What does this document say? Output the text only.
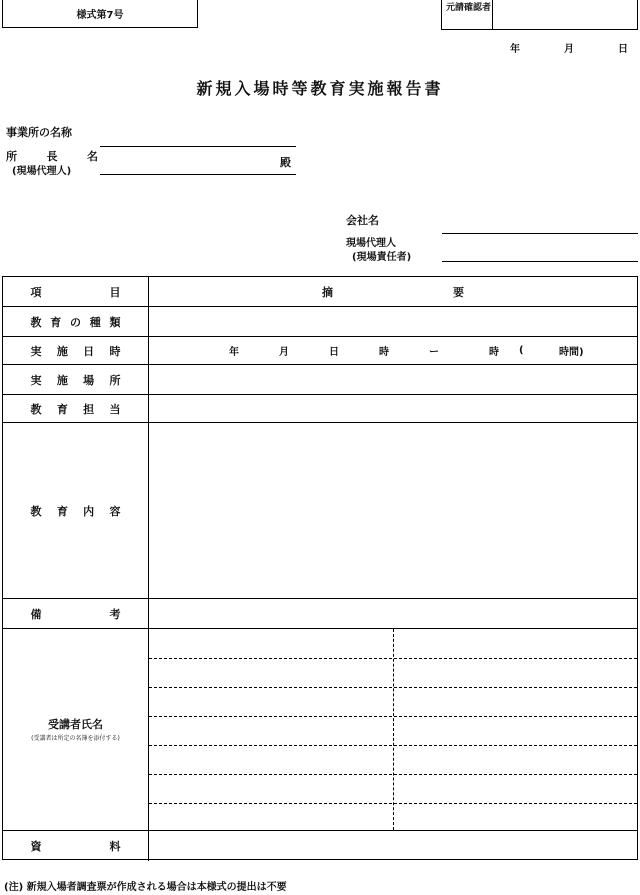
様式第7号
元請確認者
年	月	日
新規入場時等教育実施報告書
事業所の名称
所	長	名
(現場代理人)
殿
会社名
現場代理人
(現場責任者)
項	目	摘	要
教 育 の 種 類
実 施 日 時	年	月	日	時	ー	時	(	時間)
実 施 場 所
教 育 担 当
教 育 内 容
備	考
受講者氏名
(受講者は所定の名簿を添付する)
資	料
(注) 新規入場者調査票が作成される場合は本様式の提出は不要
